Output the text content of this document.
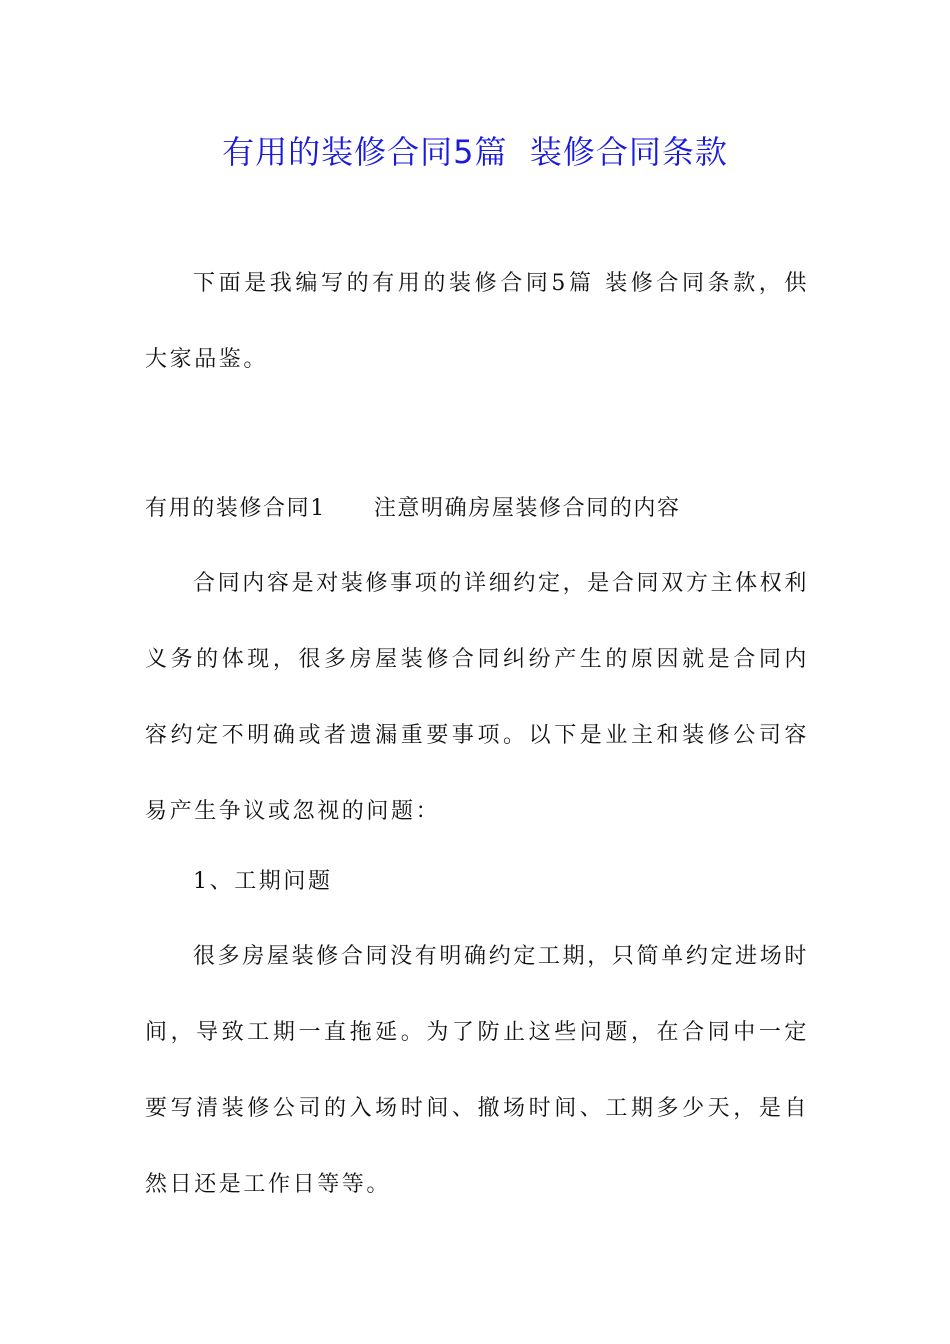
有用的装修合同5篇  装修合同条款

下面是我编写的有用的装修合同5篇 装修合同条款，供大家品鉴。

有用的装修合同1 注意明确房屋装修合同的内容

合同内容是对装修事项的详细约定，是合同双方主体权利义务的体现，很多房屋装修合同纠纷产生的原因就是合同内容约定不明确或者遗漏重要事项。以下是业主和装修公司容易产生争议或忽视的问题：

1、工期问题

很多房屋装修合同没有明确约定工期，只简单约定进场时间，导致工期一直拖延。为了防止这些问题，在合同中一定要写清装修公司的入场时间、撤场时间、工期多少天，是自然日还是工作日等等。
